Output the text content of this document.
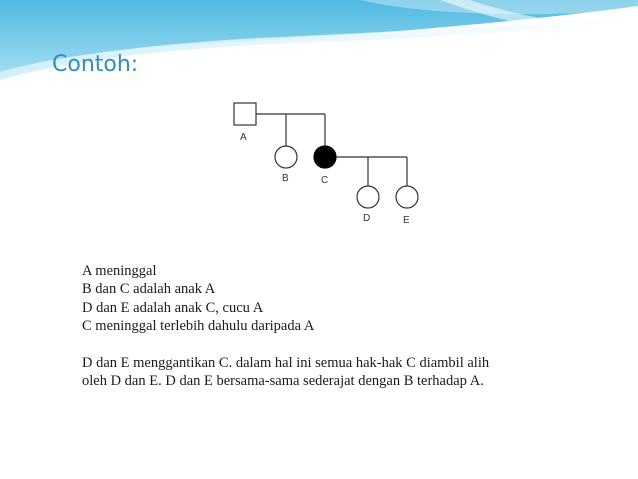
Contoh:
A
B	C
D	E
A meninggal
B dan C adalah anak A
D dan E adalah anak C, cucu A
C meninggal terlebih dahulu daripada A
D dan E menggantikan C. dalam hal ini semua hak-hak C diambil alih
oleh D dan E. D dan E bersama-sama sederajat dengan B terhadap A.
